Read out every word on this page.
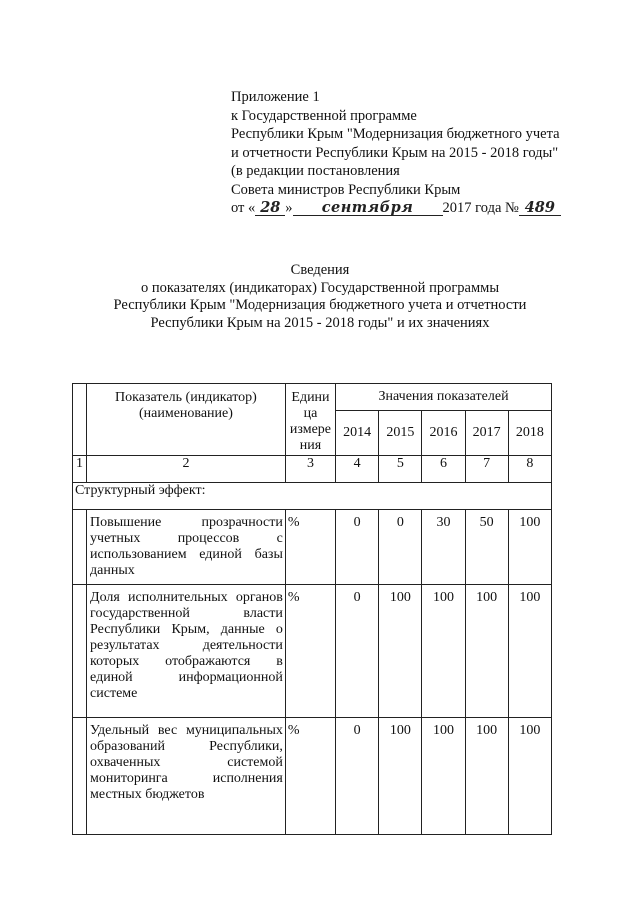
Приложение 1
к Государственной программе
Республики Крым "Модернизация бюджетного учета
и отчетности Республики Крым на 2015 - 2018 годы"
(в редакции постановления
Совета министров Республики Крым
от « 28 »	сентября	2017 года № 489
Сведения
о показателях (индикаторах) Государственной программы
Республики Крым "Модернизация бюджетного учета и отчетности
Республики Крым на 2015 - 2018 годы" и их значениях
	Показатель (индикатор) (наименование)	Едини ца измере ния	Значения показателей				
			2014	2015	2016	2017	2018
1	2	3	4	5	6	7	8
Структурный эффект:							
	Повышение прозрачности учетных процессов с использованием единой базы данных	%	0	0	30	50	100
	Доля исполнительных органов государственной власти Республики Крым, данные о результатах деятельности которых отображаются в единой информационной системе	%	0	100	100	100	100
	Удельный вес муниципальных образований Республики, охваченных системой мониторинга исполнения местных бюджетов	%	0	100	100	100	100
